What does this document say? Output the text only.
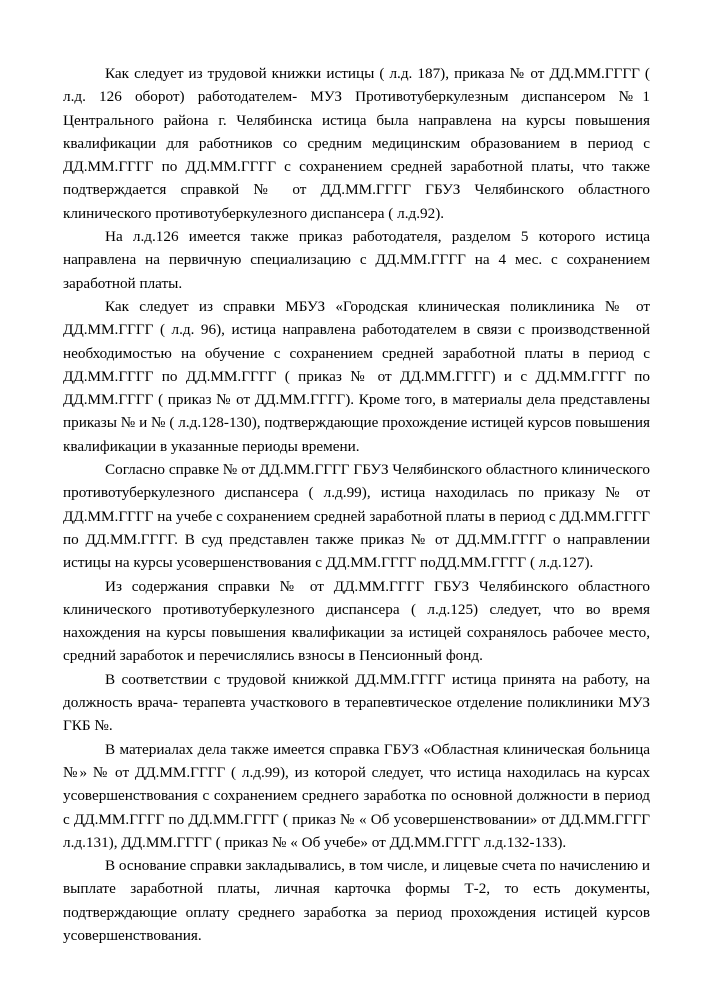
Как следует из трудовой книжки истицы ( л.д. 187), приказа № от ДД.ММ.ГГГГ ( л.д. 126 оборот) работодателем- МУЗ Противотуберкулезным диспансером №1 Центрального района г. Челябинска истица была направлена на курсы повышения квалификации для работников со средним медицинским образованием в период с ДД.ММ.ГГГГ по ДД.ММ.ГГГГ с сохранением средней заработной платы, что также подтверждается справкой № от ДД.ММ.ГГГГ ГБУЗ Челябинского областного клинического противотуберкулезного диспансера ( л.д.92).

На л.д.126 имеется также приказ работодателя, разделом 5 которого истица направлена на первичную специализацию с ДД.ММ.ГГГГ на 4 мес. с сохранением заработной платы.

Как следует из справки МБУЗ «Городская клиническая поликлиника № от ДД.ММ.ГГГГ ( л.д. 96), истица направлена работодателем в связи с производственной необходимостью на обучение с сохранением средней заработной платы в период с ДД.ММ.ГГГГ по ДД.ММ.ГГГГ ( приказ № от ДД.ММ.ГГГГ) и с ДД.ММ.ГГГГ по ДД.ММ.ГГГГ ( приказ № от ДД.ММ.ГГГГ). Кроме того, в материалы дела представлены приказы № и № ( л.д.128-130), подтверждающие прохождение истицей курсов повышения квалификации в указанные периоды времени.

Согласно справке № от ДД.ММ.ГГГГ ГБУЗ Челябинского областного клинического противотуберкулезного диспансера ( л.д.99), истица находилась по приказу № от ДД.ММ.ГГГГ на учебе с сохранением средней заработной платы в период с ДД.ММ.ГГГГ по ДД.ММ.ГГГГ. В суд представлен также приказ № от ДД.ММ.ГГГГ о направлении истицы на курсы усовершенствования с ДД.ММ.ГГГГ поДД.ММ.ГГГГ ( л.д.127).

Из содержания справки № от ДД.ММ.ГГГГ ГБУЗ Челябинского областного клинического противотуберкулезного диспансера ( л.д.125) следует, что во время нахождения на курсы повышения квалификации за истицей сохранялось рабочее место, средний заработок и перечислялись взносы в Пенсионный фонд.

В соответствии с трудовой книжкой ДД.ММ.ГГГГ истица принята на работу, на должность врача- терапевта участкового в терапевтическое отделение поликлиники МУЗ ГКБ №.

В материалах дела также имеется справка ГБУЗ «Областная клиническая больница №» № от ДД.ММ.ГГГГ ( л.д.99), из которой следует, что истица находилась на курсах усовершенствования с сохранением среднего заработка по основной должности в период с ДД.ММ.ГГГГ по ДД.ММ.ГГГГ ( приказ № « Об усовершенствовании» от ДД.ММ.ГГГГ л.д.131), ДД.ММ.ГГГГ ( приказ № « Об учебе» от ДД.ММ.ГГГГ л.д.132-133).

В основание справки закладывались, в том числе, и лицевые счета по начислению и выплате заработной платы, личная карточка формы Т-2, то есть документы, подтверждающие оплату среднего заработка за период прохождения истицей курсов усовершенствования.
